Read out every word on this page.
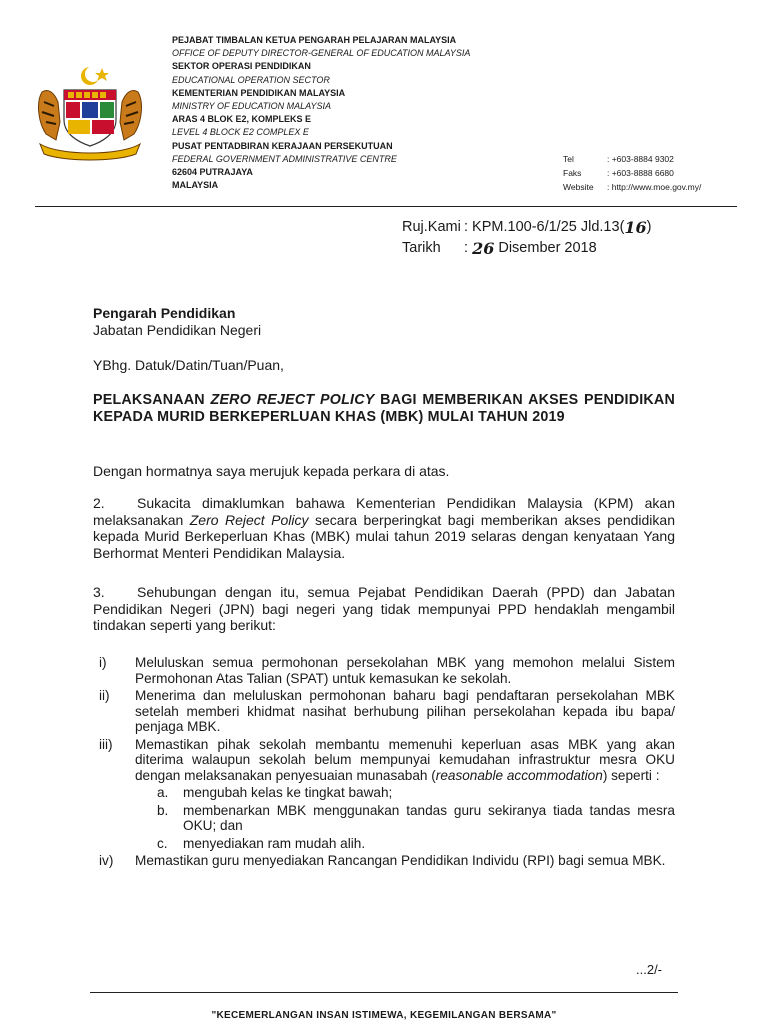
PEJABAT TIMBALAN KETUA PENGARAH PELAJARAN MALAYSIA
OFFICE OF DEPUTY DIRECTOR-GENERAL OF EDUCATION MALAYSIA
SEKTOR OPERASI PENDIDIKAN
EDUCATIONAL OPERATION SECTOR
KEMENTERIAN PENDIDIKAN MALAYSIA
MINISTRY OF EDUCATION MALAYSIA
ARAS 4 BLOK E2, KOMPLEKS E
LEVEL 4 BLOCK E2 COMPLEX E
PUSAT PENTADBIRAN KERAJAAN PERSEKUTUAN
FEDERAL GOVERNMENT ADMINISTRATIVE CENTRE
62604 PUTRAJAYA
MALAYSIA
Tel	: +603-8884 9302
Faks	: +603-8888 6680
Website	: http://www.moe.gov.my/
Ruj.Kami : KPM.100-6/1/25 Jld.13( 16 )
Tarikh	: 26 Disember 2018
Pengarah Pendidikan
Jabatan Pendidikan Negeri
YBhg. Datuk/Datin/Tuan/Puan,
PELAKSANAAN ZERO REJECT POLICY BAGI MEMBERIKAN AKSES PENDIDIKAN KEPADA MURID BERKEPERLUAN KHAS (MBK) MULAI TAHUN 2019
Dengan hormatnya saya merujuk kepada perkara di atas.
2. Sukacita dimaklumkan bahawa Kementerian Pendidikan Malaysia (KPM) akan melaksanakan Zero Reject Policy secara berperingkat bagi memberikan akses pendidikan kepada Murid Berkeperluan Khas (MBK) mulai tahun 2019 selaras dengan kenyataan Yang Berhormat Menteri Pendidikan Malaysia.
3. Sehubungan dengan itu, semua Pejabat Pendidikan Daerah (PPD) dan Jabatan Pendidikan Negeri (JPN) bagi negeri yang tidak mempunyai PPD hendaklah mengambil tindakan seperti yang berikut:
i)	Meluluskan semua permohonan persekolahan MBK yang memohon melalui Sistem Permohonan Atas Talian (SPAT) untuk kemasukan ke sekolah.
ii)	Menerima dan meluluskan permohonan baharu bagi pendaftaran persekolahan MBK setelah memberi khidmat nasihat berhubung pilihan persekolahan kepada ibu bapa/ penjaga MBK.
iii)	Memastikan pihak sekolah membantu memenuhi keperluan asas MBK yang akan diterima walaupun sekolah belum mempunyai kemudahan infrastruktur mesra OKU dengan melaksanakan penyesuaian munasabah (reasonable accommodation) seperti :
a.	mengubah kelas ke tingkat bawah;
b.	membenarkan MBK menggunakan tandas guru sekiranya tiada tandas mesra OKU; dan
c.	menyediakan ram mudah alih.
iv)	Memastikan guru menyediakan Rancangan Pendidikan Individu (RPI) bagi semua MBK.
...2/-
"KECEMERLANGAN INSAN ISTIMEWA, KEGEMILANGAN BERSAMA"
